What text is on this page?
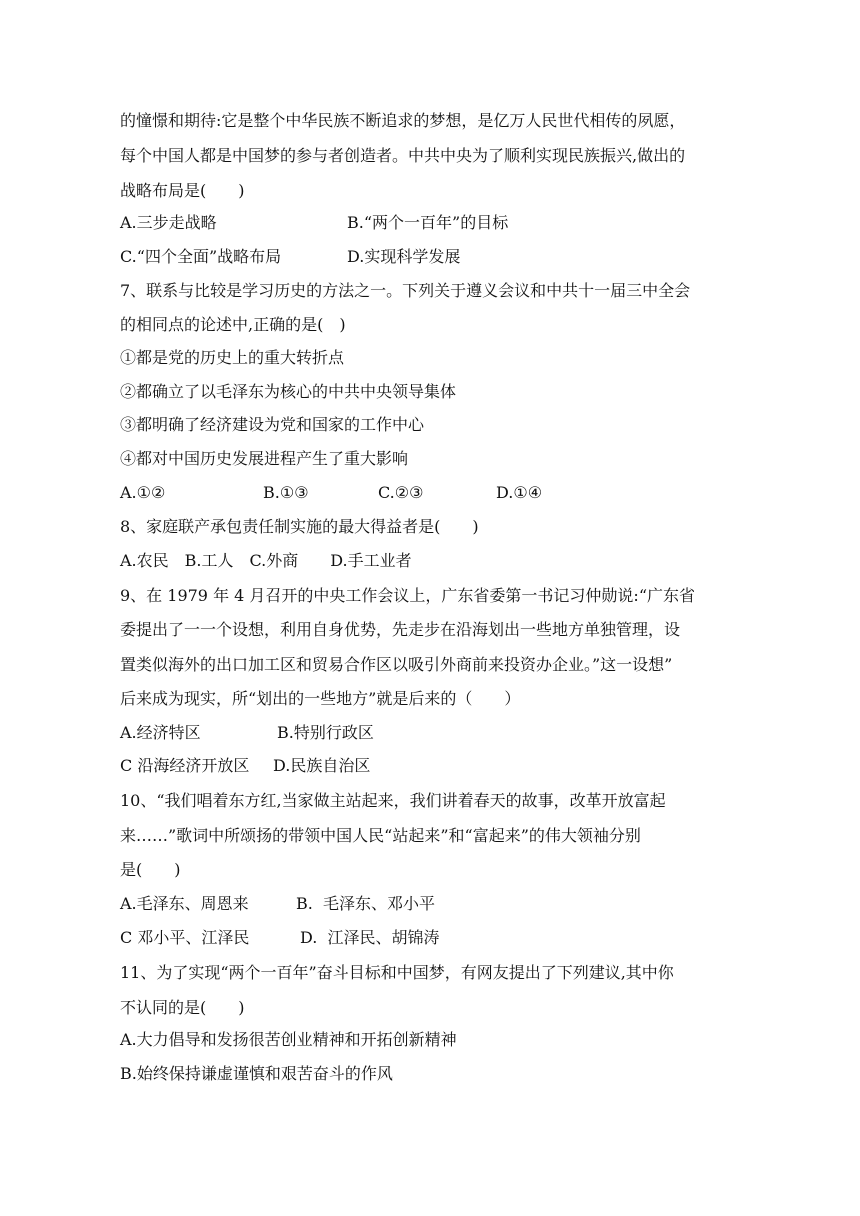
的憧憬和期待:它是整个中华民族不断追求的梦想，是亿万人民世代相传的夙愿，
每个中国人都是中国梦的参与者创造者。中共中央为了顺利实现民族振兴,做出的
战略布局是(　　)
A.三步走战略	B.“两个一百年”的目标
C.“四个全面”战略布局	D.实现科学发展
7、联系与比较是学习历史的方法之一。下列关于遵义会议和中共十一届三中全会
的相同点的论述中,正确的是(　)
①都是党的历史上的重大转折点
②都确立了以毛泽东为核心的中共中央领导集体
③都明确了经济建设为党和国家的工作中心
④都对中国历史发展进程产生了重大影响
A.①②	B.①③	C.②③	D.①④
8、家庭联产承包责任制实施的最大得益者是(　　)
A.农民　B.工人　C.外商　　D.手工业者
9、在 1979 年 4 月召开的中央工作会议上，广东省委第一书记习仲勋说:“广东省
委提出了一一个设想，利用自身优势，先走步在沿海划出一些地方单独管理，设
置类似海外的出口加工区和贸易合作区以吸引外商前来投资办企业。”这一设想”
后来成为现实，所“划出的一些地方”就是后来的（　　）
A.经济特区	B.特别行政区
C 沿海经济开放区 D.民族自治区
10、“我们唱着东方红,当家做主站起来，我们讲着春天的故事，改革开放富起
来……”歌词中所颂扬的带领中国人民“站起来”和“富起来”的伟大领袖分别
是(　　)
A.毛泽东、周恩来	B.  毛泽东、邓小平
C 邓小平、江泽民	D.  江泽民、胡锦涛
11、为了实现“两个一百年”奋斗目标和中国梦，有网友提出了下列建议,其中你
不认同的是(　　)
A.大力倡导和发扬很苦创业精神和开拓创新精神
B.始终保持谦虚谨慎和艰苦奋斗的作风
